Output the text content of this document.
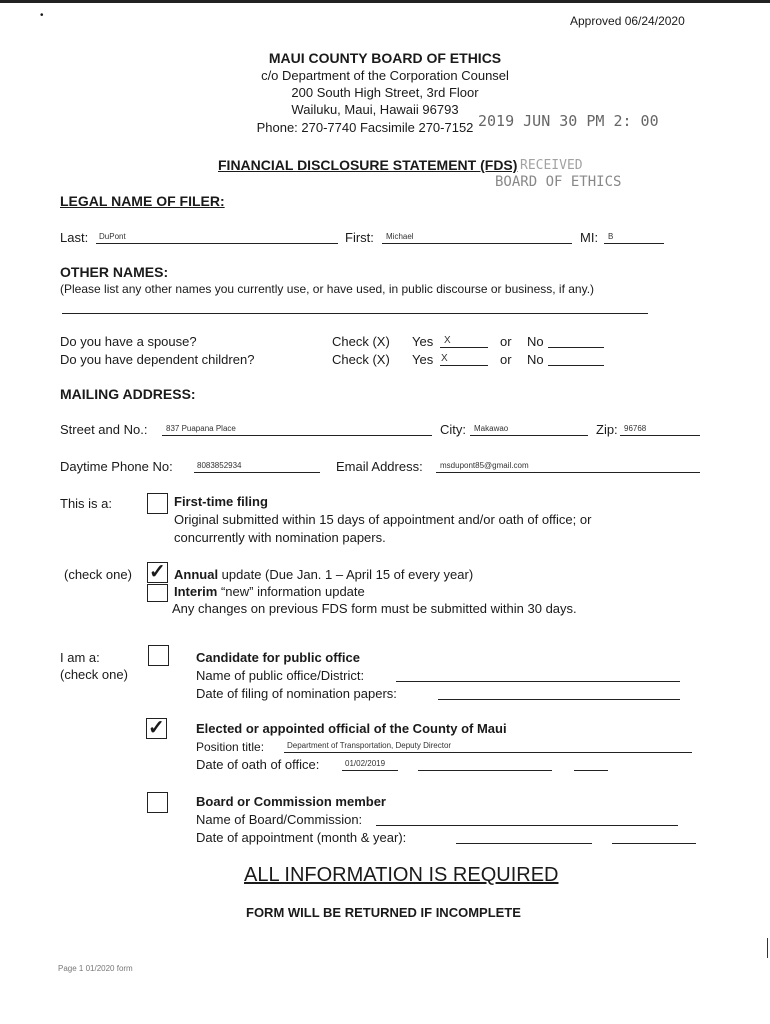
•	Approved 06/24/2020
MAUI COUNTY BOARD OF ETHICS
c/o Department of the Corporation Counsel
200 South High Street, 3rd Floor
Wailuku, Maui, Hawaii 96793
Phone: 270-7740 Facsimile 270-7152 2019 JUN 30 PM 2: 00
RECEIVED
BOARD OF ETHICS
FINANCIAL DISCLOSURE STATEMENT (FDS)
LEGAL NAME OF FILER:
Last: DuPont	First: Michael	MI: B
OTHER NAMES:
(Please list any other names you currently use, or have used, in public discourse or business, if any.)
Do you have a spouse?	Check (X) Yes X	or No
Do you have dependent children?	Check (X) Yes X	or No
MAILING ADDRESS:
Street and No.: 837 Puapana Place	City: Makawao	Zip: 96768
Daytime Phone No:	8083852934	Email Address: msdupont85@gmail.com
This is a:	First-time filing
Original submitted within 15 days of appointment and/or oath of office; or
concurrently with nomination papers.
(check one) ✓ Annual update (Due Jan. 1 – April 15 of every year)
Interim “new” information update
Any changes on previous FDS form must be submitted within 30 days.
I am a:
(check one)
Candidate for public office
Name of public office/District:
Date of filing of nomination papers:
✓ Elected or appointed official of the County of Maui
Position title:	Department of Transportation, Deputy Director
Date of oath of office:	01/02/2019
Board or Commission member
Name of Board/Commission:
Date of appointment (month & year):
ALL INFORMATION IS REQUIRED
FORM WILL BE RETURNED IF INCOMPLETE
Page 1 01/2020 form
